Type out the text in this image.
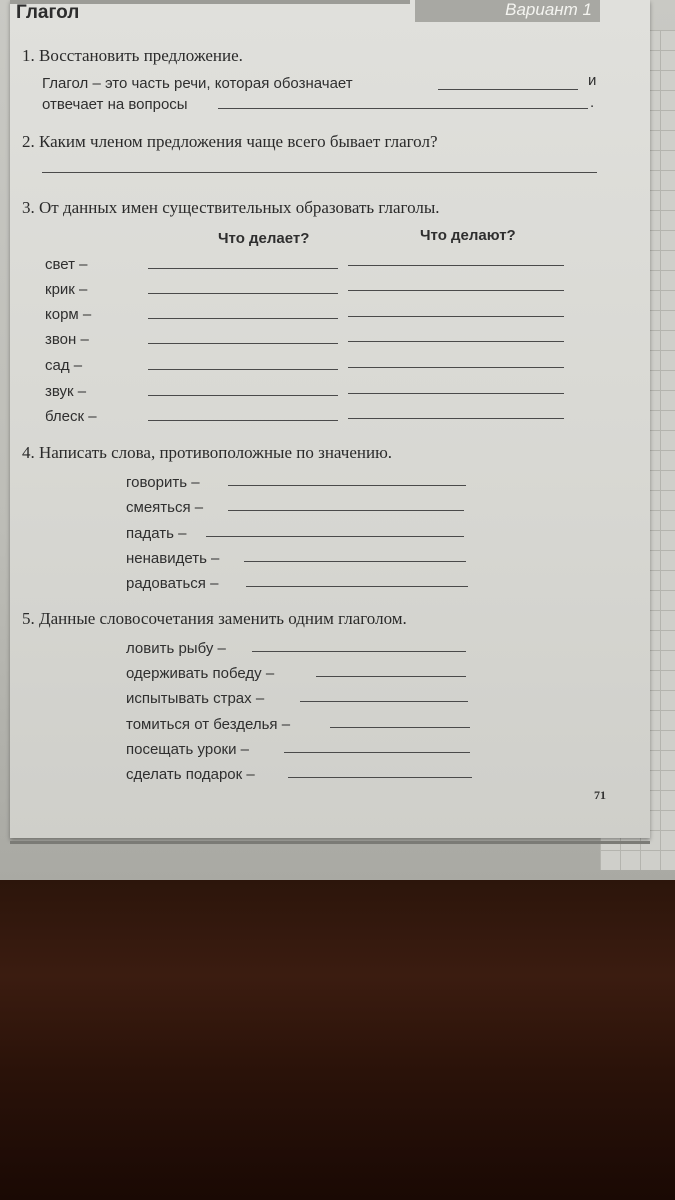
Глагол	Вариант 1
1. Восстановить предложение.
Глагол – это часть речи, которая обозначает	и
отвечает на вопросы	.
2. Каким членом предложения чаще всего бывает глагол?
3. От данных имен существительных образовать глаголы.
Что делает?	Что делают?
свет –
крик –
корм –
звон –
сад –
звук –
блеск –
4. Написать слова, противоположные по значению.
говорить –
смеяться –
падать –
ненавидеть –
радоваться –
5. Данные словосочетания заменить одним глаголом.
ловить рыбу –
одерживать победу –
испытывать страх –
томиться от безделья –
посещать уроки –
сделать подарок –
71
